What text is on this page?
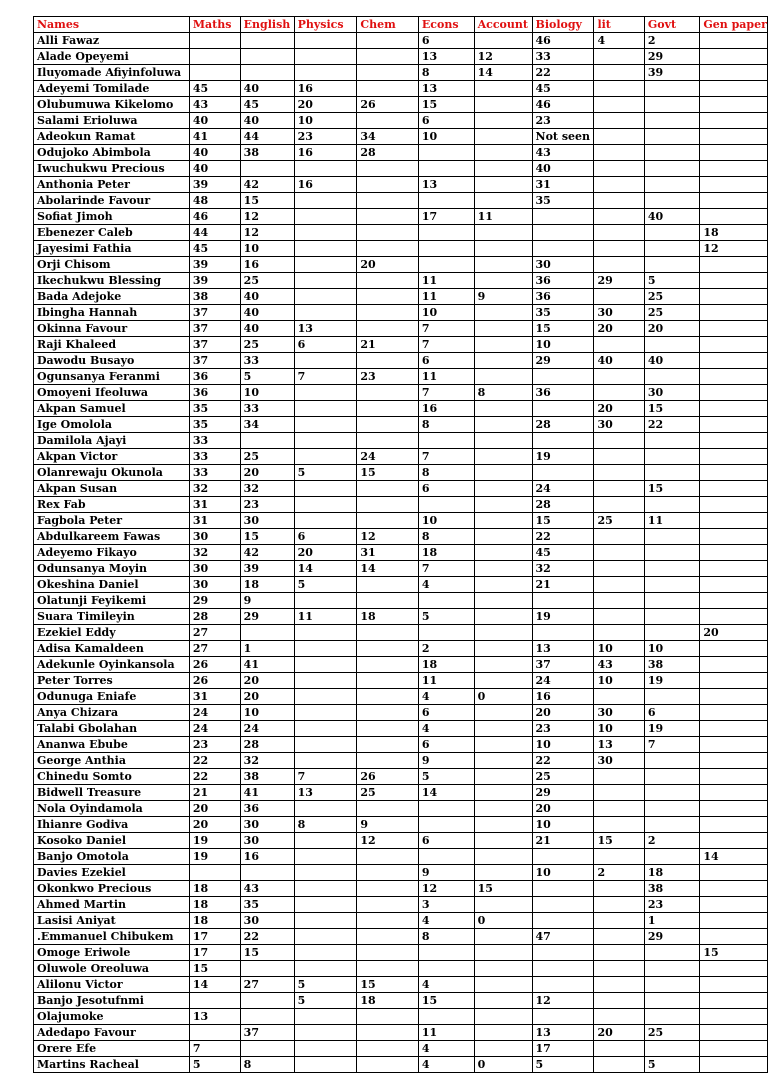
Names	Maths	English	Physics	Chem	Econs	Account	Biology	lit	Govt	Gen paper
Alli Fawaz					6		46	4	2	
Alade Opeyemi					13	12	33		29	
Iluyomade Afiyinfoluwa					8	14	22		39	
Adeyemi Tomilade	45	40	16		13		45			
Olubumuwa Kikelomo	43	45	20	26	15		46			
Salami Erioluwa	40	40	10		6		23			
Adeokun Ramat	41	44	23	34	10		Not seen			
Odujoko Abimbola	40	38	16	28			43			
Iwuchukwu Precious	40						40			
Anthonia Peter	39	42	16		13		31			
Abolarinde Favour	48	15					35			
Sofiat Jimoh	46	12			17	11			40	
Ebenezer Caleb	44	12								18
Jayesimi Fathia	45	10								12
Orji Chisom	39	16		20			30			
Ikechukwu Blessing	39	25			11		36	29	5	
Bada Adejoke	38	40			11	9	36		25	
Ibingha Hannah	37	40			10		35	30	25	
Okinna Favour	37	40	13		7		15	20	20	
Raji Khaleed	37	25	6	21	7		10			
Dawodu Busayo	37	33			6		29	40	40	
Ogunsanya Feranmi	36	5	7	23	11					
Omoyeni Ifeoluwa	36	10			7	8	36		30	
Akpan Samuel	35	33			16			20	15	
Ige Omolola	35	34			8		28	30	22	
Damilola Ajayi	33									
Akpan Victor	33	25		24	7		19			
Olanrewaju Okunola	33	20	5	15	8					
Akpan Susan	32	32			6		24		15	
Rex Fab	31	23					28			
Fagbola Peter	31	30			10		15	25	11	
Abdulkareem Fawas	30	15	6	12	8		22			
Adeyemo Fikayo	32	42	20	31	18		45			
Odunsanya Moyin	30	39	14	14	7		32			
Okeshina Daniel	30	18	5		4		21			
Olatunji Feyikemi	29	9								
Suara Timileyin	28	29	11	18	5		19			
Ezekiel Eddy	27									20
Adisa Kamaldeen	27	1			2		13	10	10	
Adekunle Oyinkansola	26	41			18		37	43	38	
Peter Torres	26	20			11		24	10	19	
Odunuga Eniafe	31	20			4	0	16			
Anya Chizara	24	10			6		20	30	6	
Talabi Gbolahan	24	24			4		23	10	19	
Ananwa Ebube	23	28			6		10	13	7	
George Anthia	22	32			9		22	30		
Chinedu Somto	22	38	7	26	5		25			
Bidwell Treasure	21	41	13	25	14		29			
Nola Oyindamola	20	36					20			
Ihianre Godiva	20	30	8	9			10			
Kosoko Daniel	19	30		12	6		21	15	2	
Banjo Omotola	19	16								14
Davies Ezekiel					9		10	2	18	
Okonkwo Precious	18	43			12	15			38	
Ahmed Martin	18	35			3				23	
Lasisi Aniyat	18	30			4	0			1	
.Emmanuel Chibukem	17	22			8		47		29	
Omoge Eriwole	17	15								15
Oluwole Oreoluwa	15									
Alilonu Victor	14	27	5	15	4					
Banjo Jesotufnmi			5	18	15		12			
Olajumoke	13									
Adedapo Favour		37			11		13	20	25	
Orere Efe	7				4		17			
Martins Racheal	5	8			4	0	5		5	
